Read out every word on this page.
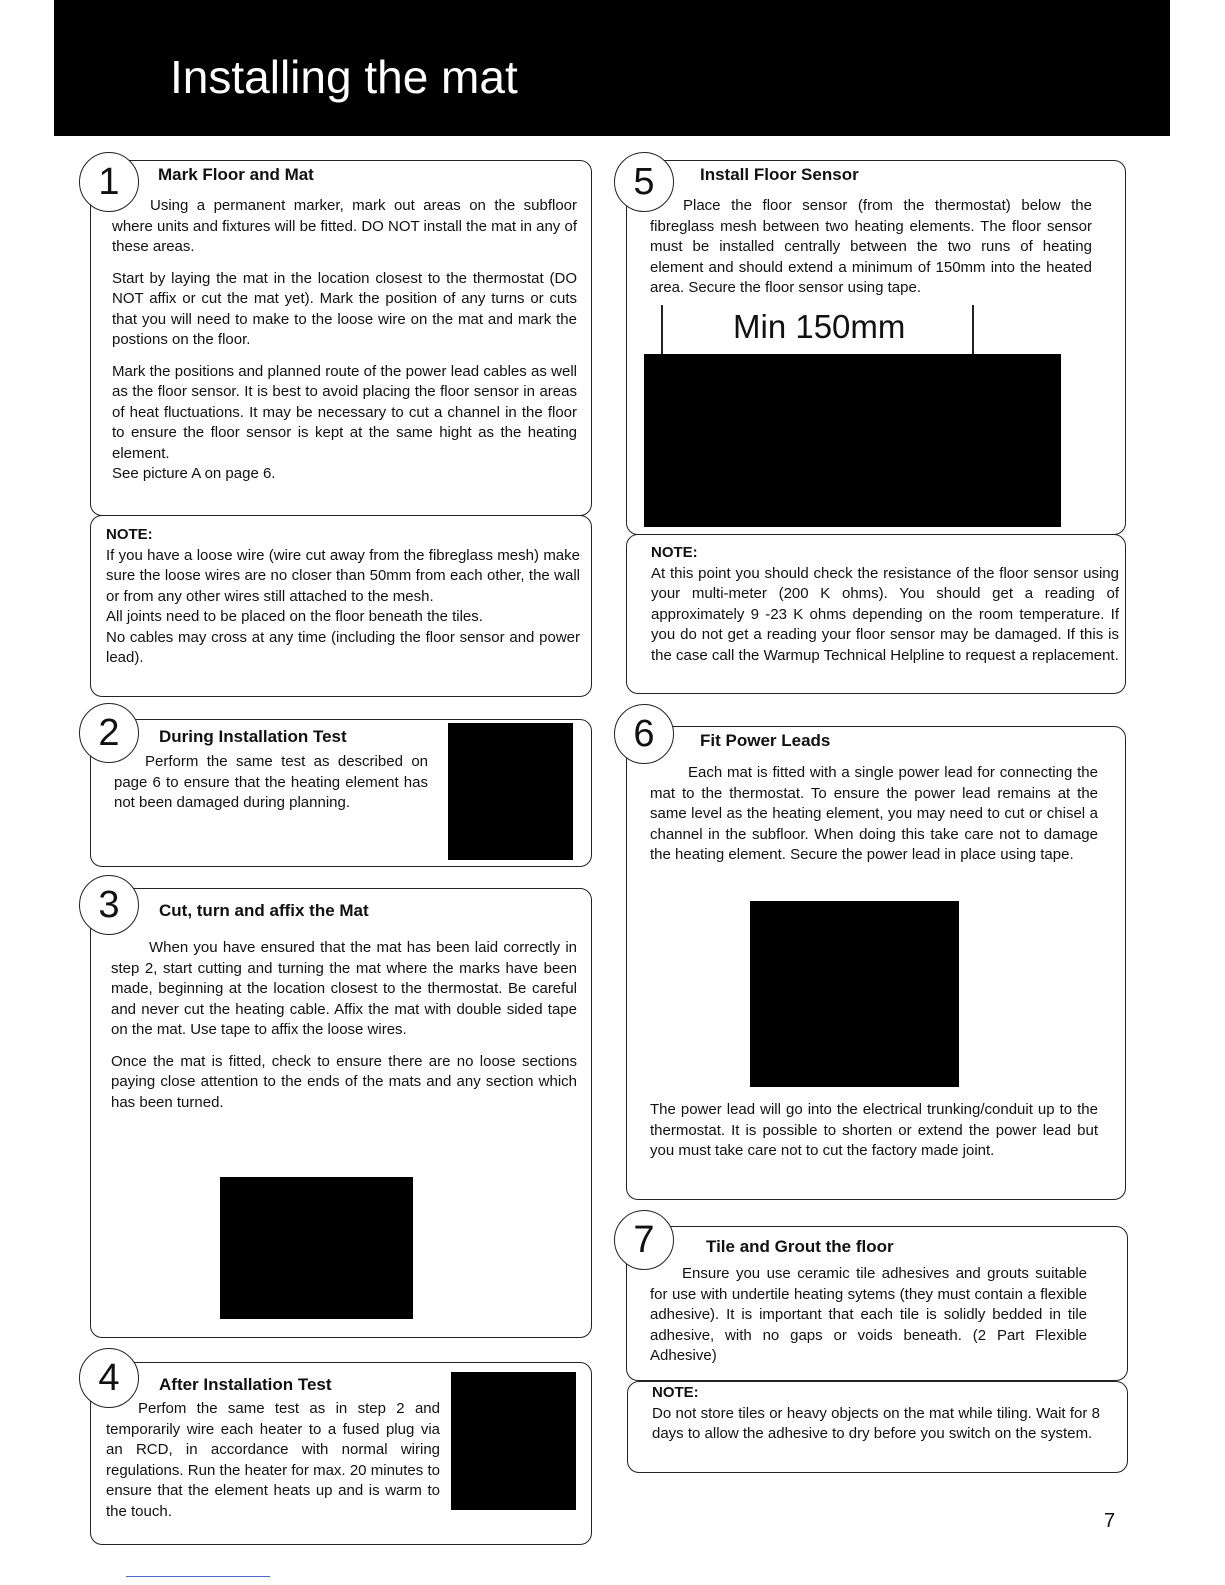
Installing the mat
1	Mark Floor and Mat

Using a permanent marker, mark out areas on the subfloor where units and fixtures will be fitted. DO NOT install the mat in any of these areas.

Start by laying the mat in the location closest to the thermostat (DO NOT affix or cut the mat yet). Mark the position of any turns or cuts that you will need to make to the loose wire on the mat and mark the postions on the floor.

Mark the positions and planned route of the power lead cables as well as the floor sensor. It is best to avoid placing the floor sensor in areas of heat fluctuations. It may be necessary to cut a channel in the floor to ensure the floor sensor is kept at the same hight as the heating element.

See picture A on page 6.

NOTE:
If you have a loose wire (wire cut away from the fibreglass mesh) make sure the loose wires are no closer than 50mm from each other, the wall or from any other wires still attached to the mesh.
All joints need to be placed on the floor beneath the tiles.
No cables may cross at any time (including the floor sensor and power lead).
2	During Installation Test

Perform the same test as described on page 6 to ensure that the heating element has not been damaged during planning.

3	Cut, turn and affix the Mat

When you have ensured that the mat has been laid correctly in step 2, start cutting and turning the mat where the marks have been made, beginning at the location closest to the thermostat. Be careful and never cut the heating cable. Affix the mat with double sided tape on the mat. Use tape to affix the loose wires.

Once the mat is fitted, check to ensure there are no loose sections paying close attention to the ends of the mats and any section which has been turned.

4	After Installation Test

Perfom the same test as in step 2 and temporarily wire each heater to a fused plug via an RCD, in accordance with normal wiring regulations. Run the heater for max. 20 minutes to ensure that the element heats up and is warm to the touch.

5	Install Floor Sensor

Place the floor sensor (from the thermostat) below the fibreglass mesh between two heating elements. The floor sensor must be installed centrally between the two runs of heating element and should extend a minimum of 150mm into the heated area. Secure the floor sensor using tape.

Min 150mm
NOTE:
At this point you should check the resistance of the floor sensor using your multi-meter (200 K ohms). You should get a reading of approximately 9 -23 K ohms depending on the room temperature. If you do not get a reading your floor sensor may be damaged. If this is the case call the Warmup Technical Helpline to request a replacement.
6	Fit Power Leads

Each mat is fitted with a single power lead for connecting the mat to the thermostat. To ensure the power lead remains at the same level as the heating element, you may need to cut or chisel a channel in the subfloor. When doing this take care not to damage the heating element. Secure the power lead in place using tape.

The power lead will go into the electrical trunking/conduit up to the thermostat. It is possible to shorten or extend the power lead but you must take care not to cut the factory made joint.

7	Tile and Grout the floor

Ensure you use ceramic tile adhesives and grouts suitable for use with undertile heating sytems (they must contain a flexible adhesive). It is important that each tile is solidly bedded in tile adhesive, with no gaps or voids beneath. (2 Part Flexible Adhesive)

NOTE:
Do not store tiles or heavy objects on the mat while tiling. Wait for 8 days to allow the adhesive to dry before you switch on the system.
7
